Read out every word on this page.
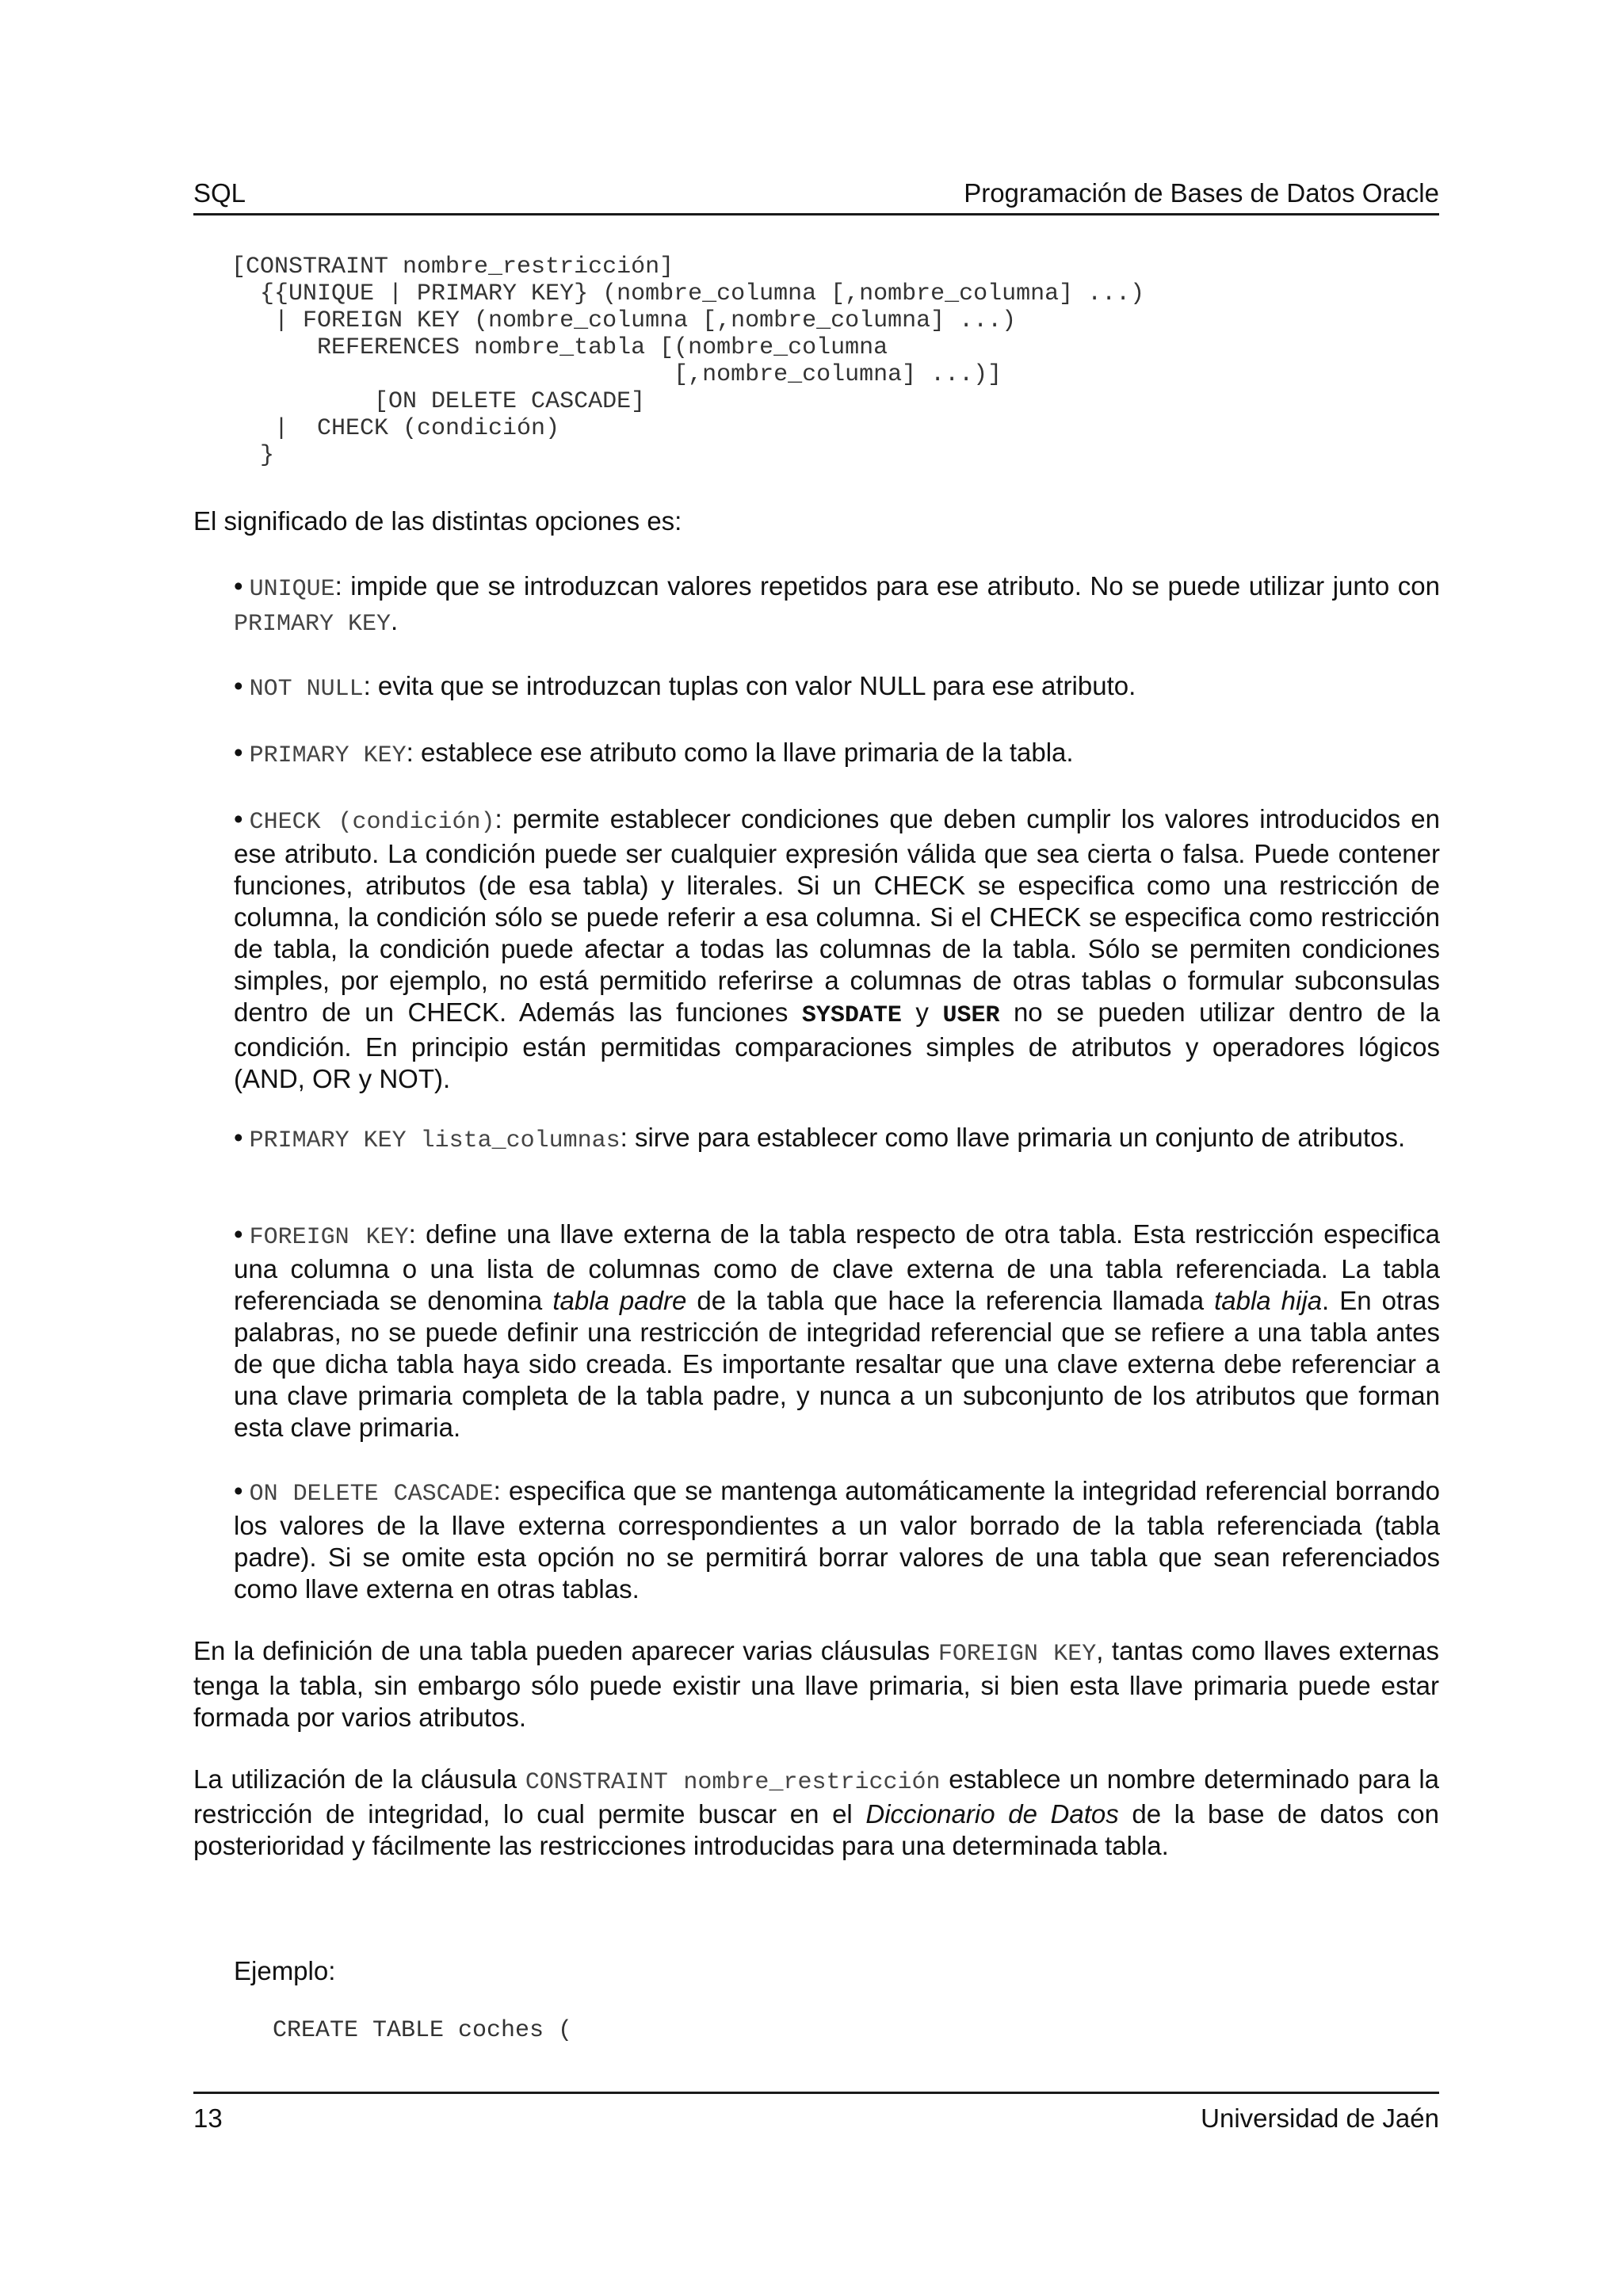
SQL	Programación de Bases de Datos Oracle
[CONSTRAINT nombre_restricción]
{{UNIQUE | PRIMARY KEY} (nombre_columna [,nombre_columna] ...)
| FOREIGN KEY (nombre_columna [,nombre_columna] ...)
REFERENCES nombre_tabla [(nombre_columna
[,nombre_columna] ...)]
[ON DELETE CASCADE]
|  CHECK (condición)
}

El significado de las distintas opciones es:

• UNIQUE: impide que se introduzcan valores repetidos para ese atributo. No se puede utilizar junto con PRIMARY KEY.

• NOT NULL: evita que se introduzcan tuplas con valor NULL para ese atributo.

• PRIMARY KEY: establece ese atributo como la llave primaria de la tabla.

• CHECK (condición): permite establecer condiciones que deben cumplir los valores introducidos en ese atributo. La condición puede ser cualquier expresión válida que sea cierta o falsa. Puede contener funciones, atributos (de esa tabla) y literales. Si un CHECK se especifica como una restricción de columna, la condición sólo se puede referir a esa columna. Si el CHECK se especifica como restricción de tabla, la condición puede afectar a todas las columnas de la tabla. Sólo se permiten condiciones simples, por ejemplo, no está permitido referirse a columnas de otras tablas o formular subconsulas dentro de un CHECK. Además las funciones SYSDATE y USER no se pueden utilizar dentro de la condición. En principio están permitidas comparaciones simples de atributos y operadores lógicos (AND, OR y NOT).

• PRIMARY KEY lista_columnas: sirve para establecer como llave primaria un conjunto de atributos.

• FOREIGN KEY: define una llave externa de la tabla respecto de otra tabla. Esta restricción especifica una columna o una lista de columnas como de clave externa de una tabla referenciada. La tabla referenciada se denomina tabla padre de la tabla que hace la referencia llamada tabla hija. En otras palabras, no se puede definir una restricción de integridad referencial que se refiere a una tabla antes de que dicha tabla haya sido creada. Es importante resaltar que una clave externa debe referenciar a una clave primaria completa de la tabla padre, y nunca a un subconjunto de los atributos que forman esta clave primaria.

• ON DELETE CASCADE: especifica que se mantenga automáticamente la integridad referencial borrando los valores de la llave externa correspondientes a un valor borrado de la tabla referenciada (tabla padre). Si se omite esta opción no se permitirá borrar valores de una tabla que sean referenciados como llave externa en otras tablas.

En la definición de una tabla pueden aparecer varias cláusulas FOREIGN KEY, tantas como llaves externas tenga la tabla, sin embargo sólo puede existir una llave primaria, si bien esta llave primaria puede estar formada por varios atributos.

La utilización de la cláusula CONSTRAINT nombre_restricción establece un nombre determinado para la restricción de integridad, lo cual permite buscar en el Diccionario de Datos de la base de datos con posterioridad y fácilmente las restricciones introducidas para una determinada tabla.

Ejemplo:
CREATE TABLE coches (
13	Universidad de Jaén
